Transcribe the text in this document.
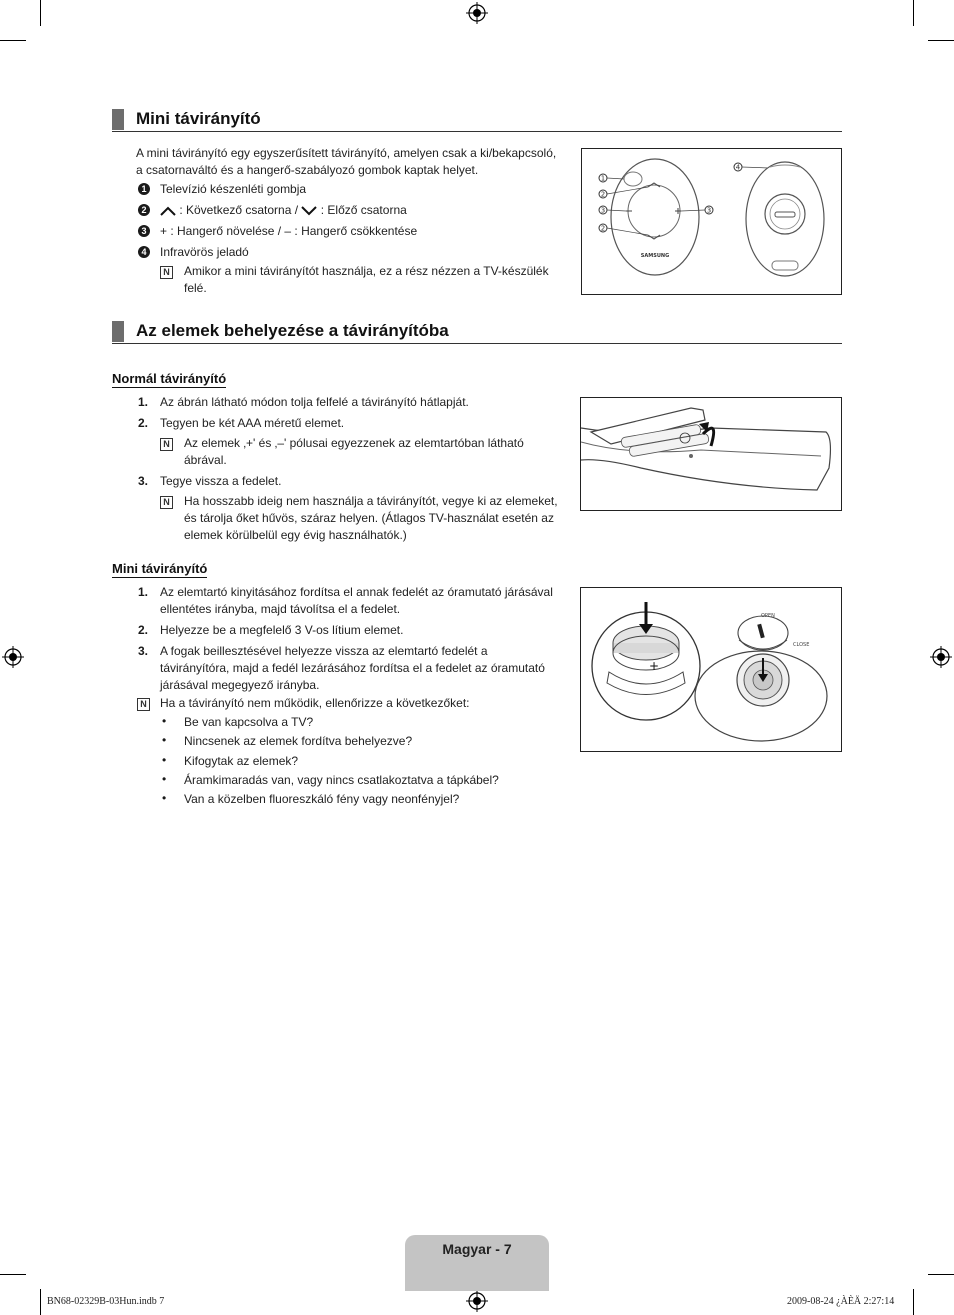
Mini távirányító
A mini távirányító egy egyszerűsített távirányító, amelyen csak a ki/bekapcsoló,
a csatornaváltó és a hangerő-szabályozó gombok kaptak helyet.
1 Televízió készenléti gombja
2	: Következő csatorna /  : Előző csatorna
3 + : Hangerő növelése / – : Hangerő csökkentése
4 Infravörös jeladó
N Amikor a mini távirányítót használja, ez a rész nézzen a TV-készülék
felé.
SAMSUNG
1
2
3
2
3
4
Az elemek behelyezése a távirányítóba
Normál távirányító
1. Az ábrán látható módon tolja felfelé a távirányító hátlapját.
2. Tegyen be két AAA méretű elemet.
N Az elemek ‚+' és ‚–' pólusai egyezzenek az elemtartóban látható
ábrával.
3. Tegye vissza a fedelet.
N Ha hosszabb ideig nem használja a távirányítót, vegye ki az elemeket,
és tárolja őket hűvös, száraz helyen. (Átlagos TV-használat esetén az
elemek körülbelül egy évig használhatók.)
Mini távirányító
1. Az elemtartó kinyitásához fordítsa el annak fedelét az óramutató járásával
ellentétes irányba, majd távolítsa el a fedelet.
2. Helyezze be a megfelelő 3 V-os lítium elemet.
3. A fogak beillesztésével helyezze vissza az elemtartó fedelét a
távirányítóra, majd a fedél lezárásához fordítsa el a fedelet az óramutató
járásával megegyező irányba.
N Ha a távirányító nem működik, ellenőrizze a következőket:
• Be van kapcsolva a TV?
• Nincsenek az elemek fordítva behelyezve?
• Kifogytak az elemek?
• Áramkimaradás van, vagy nincs csatlakoztatva a tápkábel?
• Van a közelben fluoreszkáló fény vagy neonfényjel?
+
OPEN
CLOSE
Magyar - 7
BN68-02329B-03Hun.indb 7	2009-08-24 ¿ÀÈÄ 2:27:14
